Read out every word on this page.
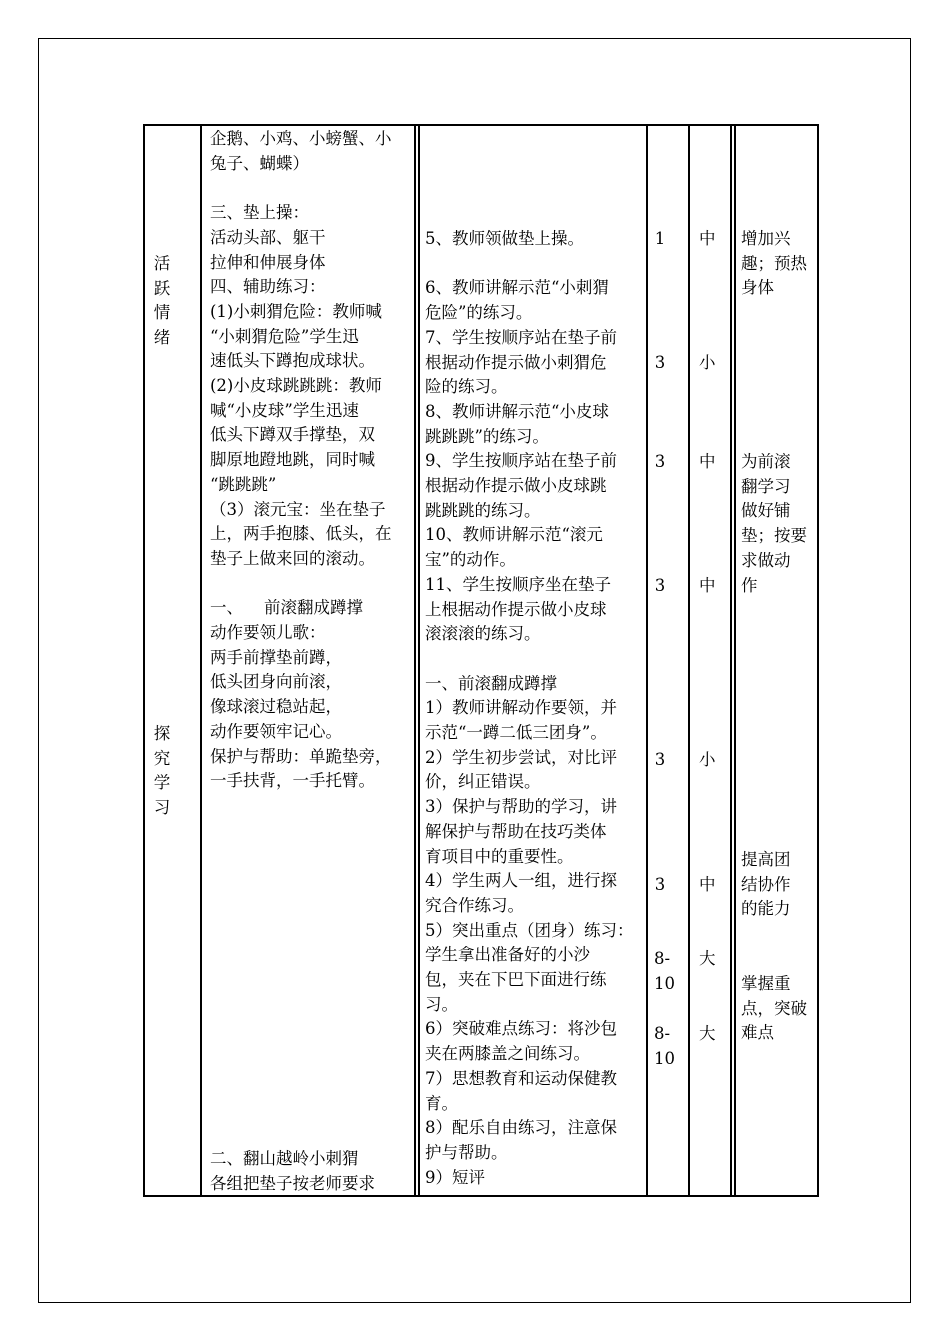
活
跃
情
绪
探
究
学
习
企鹅、小鸡、小螃蟹、小
兔子、蝴蝶）
三、垫上操：
活动头部、躯干
拉伸和伸展身体
四、辅助练习：
(1)小刺猬危险：教师喊
“小刺猬危险”学生迅
速低头下蹲抱成球状。
(2)小皮球跳跳跳：教师
喊“小皮球”学生迅速
低头下蹲双手撑垫，双
脚原地蹬地跳，同时喊
“跳跳跳”
（3）滚元宝：坐在垫子
上，两手抱膝、低头，在
垫子上做来回的滚动。
一、    前滚翻成蹲撑
动作要领儿歌：
两手前撑垫前蹲，
低头团身向前滚，
像球滚过稳站起，
动作要领牢记心。
保护与帮助：单跪垫旁，
一手扶背，一手托臂。
二、翻山越岭小刺猬
各组把垫子按老师要求
5、教师领做垫上操。
6、教师讲解示范“小刺猬
危险”的练习。
7、学生按顺序站在垫子前
根据动作提示做小刺猬危
险的练习。
8、教师讲解示范“小皮球
跳跳跳”的练习。
9、学生按顺序站在垫子前
根据动作提示做小皮球跳
跳跳跳的练习。
10、教师讲解示范“滚元
宝”的动作。
11、学生按顺序坐在垫子
上根据动作提示做小皮球
滚滚滚的练习。
一、前滚翻成蹲撑
1）教师讲解动作要领，并
示范“一蹲二低三团身”。
2）学生初步尝试，对比评
价，纠正错误。
3）保护与帮助的学习，讲
解保护与帮助在技巧类体
育项目中的重要性。
4）学生两人一组，进行探
究合作练习。
5）突出重点（团身）练习：
学生拿出准备好的小沙
包，夹在下巴下面进行练
习。
6）突破难点练习：将沙包
夹在两膝盖之间练习。
7）思想教育和运动保健教
育。
8）配乐自由练习，注意保
护与帮助。
9）短评
1
3
3
3
3
3
8-
10
8-
10
中
小
中
中
小
中
大
大
增加兴
趣；预热
身体
为前滚
翻学习
做好铺
垫；按要
求做动
作
提高团
结协作
的能力
掌握重
点，突破
难点
